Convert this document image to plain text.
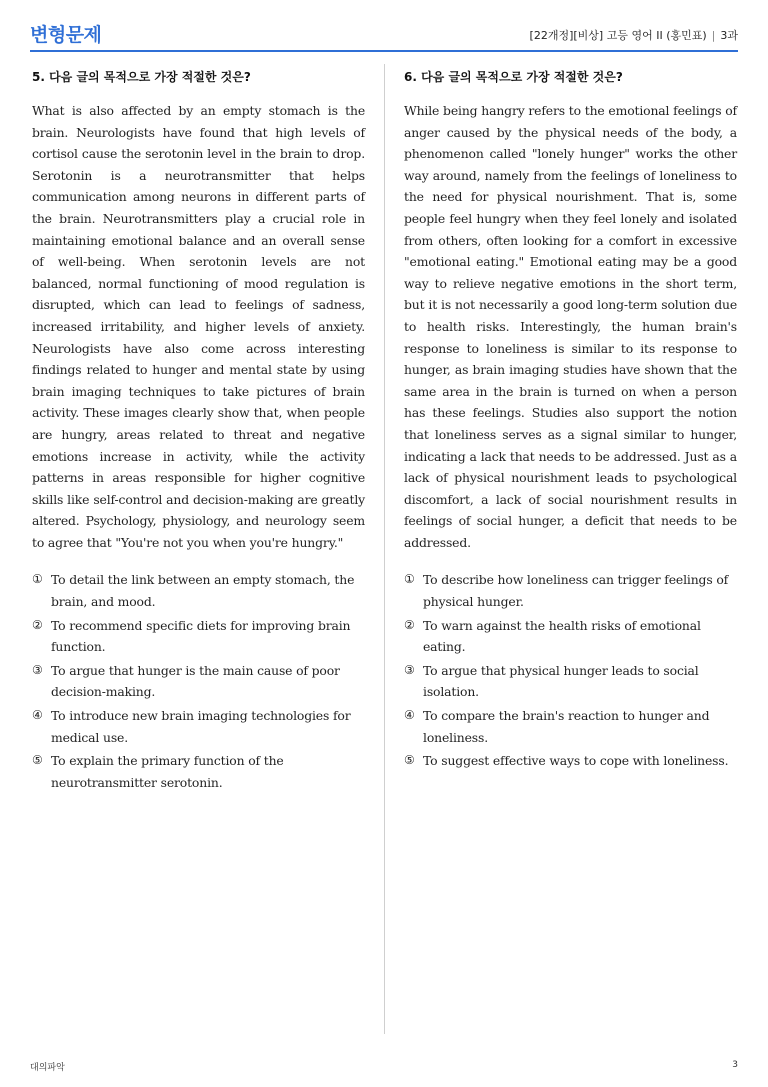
변형문제	[22개정][비상] 고등 영어 II (홍민표) | 3과
5. 다음 글의 목적으로 가장 적절한 것은?
What is also affected by an empty stomach is the brain. Neurologists have found that high levels of cortisol cause the serotonin level in the brain to drop. Serotonin is a neurotransmitter that helps communication among neurons in different parts of the brain. Neurotransmitters play a crucial role in maintaining emotional balance and an overall sense of well-being. When serotonin levels are not balanced, normal functioning of mood regulation is disrupted, which can lead to feelings of sadness, increased irritability, and higher levels of anxiety. Neurologists have also come across interesting findings related to hunger and mental state by using brain imaging techniques to take pictures of brain activity. These images clearly show that, when people are hungry, areas related to threat and negative emotions increase in activity, while the activity patterns in areas responsible for higher cognitive skills like self-control and decision-making are greatly altered. Psychology, physiology, and neurology seem to agree that "You're not you when you're hungry."
① To detail the link between an empty stomach, the brain, and mood.
② To recommend specific diets for improving brain function.
③ To argue that hunger is the main cause of poor decision-making.
④ To introduce new brain imaging technologies for medical use.
⑤ To explain the primary function of the neurotransmitter serotonin.
6. 다음 글의 목적으로 가장 적절한 것은?
While being hangry refers to the emotional feelings of anger caused by the physical needs of the body, a phenomenon called "lonely hunger" works the other way around, namely from the feelings of loneliness to the need for physical nourishment. That is, some people feel hungry when they feel lonely and isolated from others, often looking for a comfort in excessive "emotional eating." Emotional eating may be a good way to relieve negative emotions in the short term, but it is not necessarily a good long-term solution due to health risks. Interestingly, the human brain's response to loneliness is similar to its response to hunger, as brain imaging studies have shown that the same area in the brain is turned on when a person has these feelings. Studies also support the notion that loneliness serves as a signal similar to hunger, indicating a lack that needs to be addressed. Just as a lack of physical nourishment leads to psychological discomfort, a lack of social nourishment results in feelings of social hunger, a deficit that needs to be addressed.
① To describe how loneliness can trigger feelings of physical hunger.
② To warn against the health risks of emotional eating.
③ To argue that physical hunger leads to social isolation.
④ To compare the brain's reaction to hunger and loneliness.
⑤ To suggest effective ways to cope with loneliness.
대의파악	3
